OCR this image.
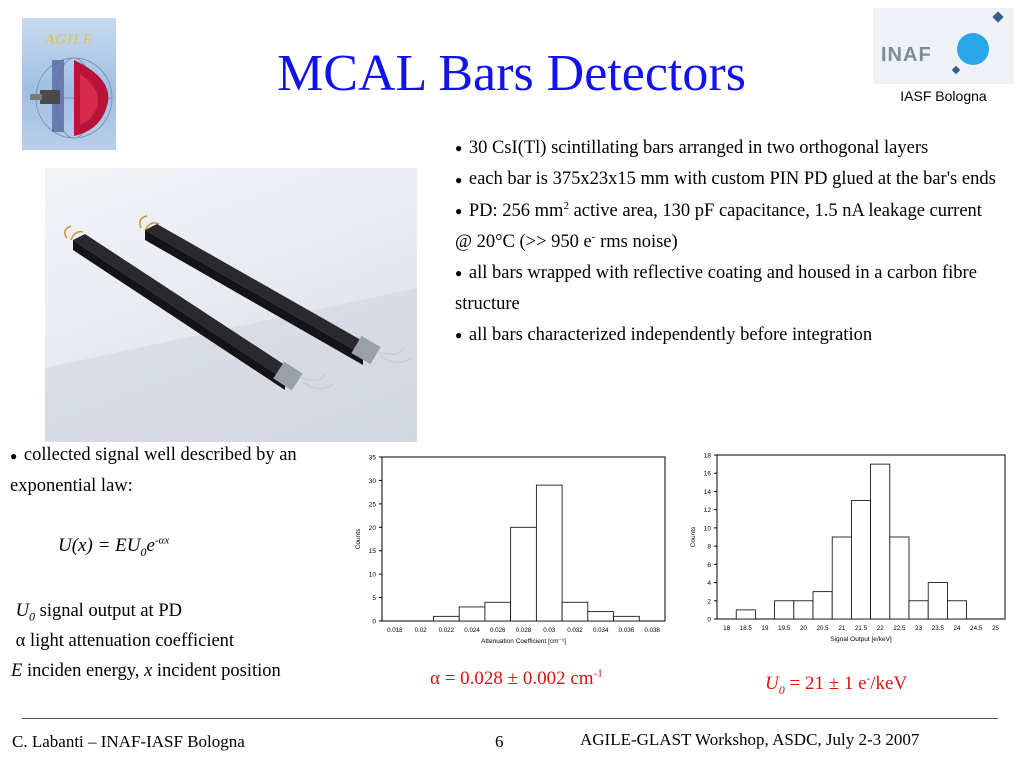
AGILE
MCAL Bars Detectors	INAF
IASF Bologna
● 30 CsI(Tl) scintillating bars arranged in two orthogonal layers
● each bar is 375x23x15 mm with custom PIN PD glued at the bar's ends
● PD: 256 $mm^2$ active area, 130 pF capacitance, 1.5 nA leakage current @ 20°C (>> 950 e- rms noise)
● all bars wrapped with reflective coating and housed in a carbon fibre structure
● all bars characterized independently before integration
● collected signal well described by an exponential law:
$U(x) = EU_0e^{-\alpha x}$
$U_0$ signal output at PD
α light attenuation coefficient
E inciden energy, x incident position
0
5
10
15
20
25
30
35
0.018 0.02 0.022 0.024 0.026 0.028 0.03 0.032 0.034 0.036 0.038
Attenuation Coefficient [cm⁻¹]
Counts
0
2
4
6
8
10
12
14
16
18
18 18.5 19 19.5 20 20.5 21 21.5 22 22.5 23 23.5 24 24.5 25
Signal Output [e/keV]
Counts
α = 0.028 ± 0.002 $cm^{-1}$	$U_0 = 21 \pm 1$ e-/keV
C. Labanti – INAF-IASF Bologna	6	AGILE-GLAST Workshop, ASDC, July 2-3 2007
